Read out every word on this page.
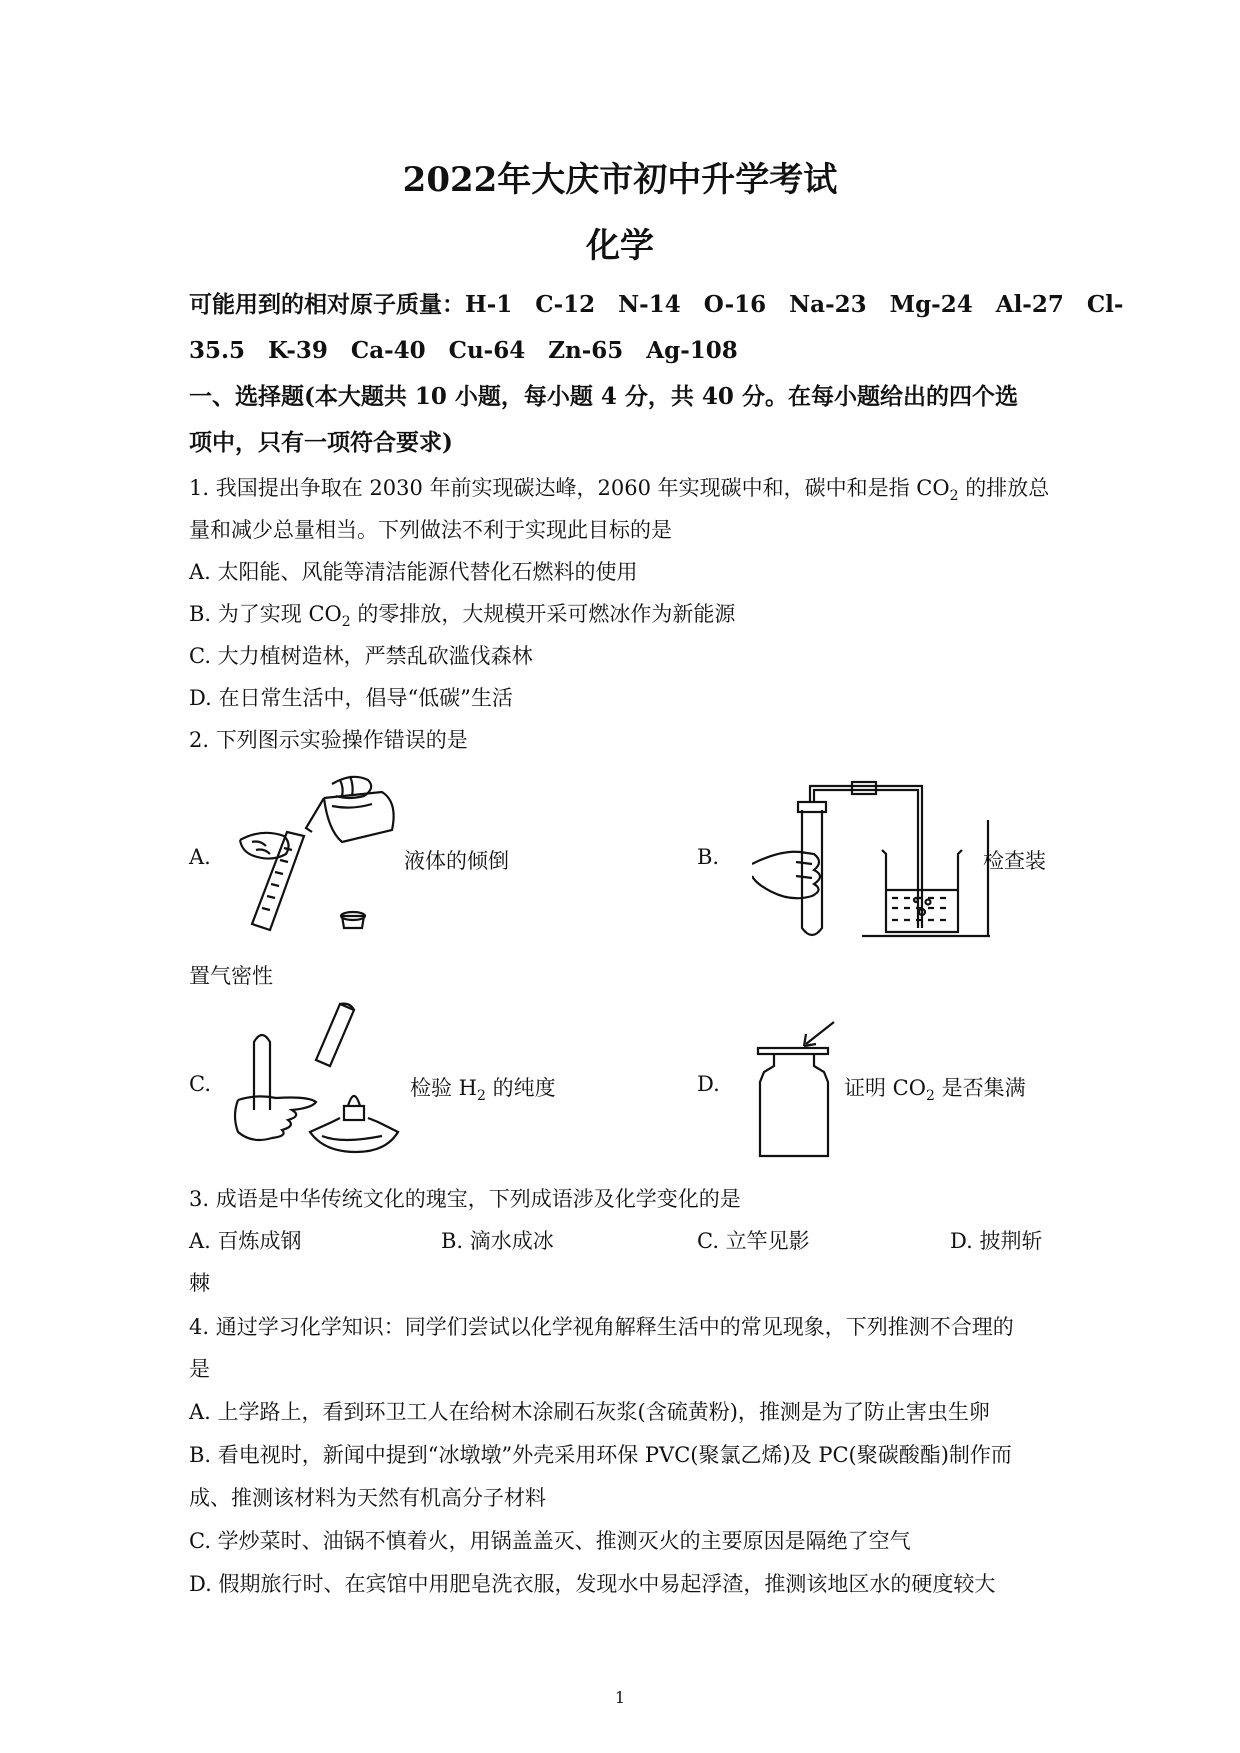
2022年大庆市初中升学考试
化学
可能用到的相对原子质量：H-1　C-12　N-14　O-16　Na-23　Mg-24　Al-27　Cl-
35.5　K-39　Ca-40　Cu-64　Zn-65　Ag-108
一、选择题(本大题共 10 小题，每小题 4 分，共 40 分。在每小题给出的四个选
项中，只有一项符合要求)
1. 我国提出争取在 2030 年前实现碳达峰，2060 年实现碳中和，碳中和是指 $CO_2$ 的排放总
量和减少总量相当。下列做法不利于实现此目标的是
A. 太阳能、风能等清洁能源代替化石燃料的使用
B. 为了实现 $CO_2$ 的零排放，大规模开采可燃冰作为新能源
C. 大力植树造林，严禁乱砍滥伐森林
D. 在日常生活中，倡导“低碳”生活
2. 下列图示实验操作错误的是
A.	液体的倾倒	B.	检查装
置气密性
C.	检验 $H_2$ 的纯度	D.	证明 $CO_2$ 是否集满
3. 成语是中华传统文化的瑰宝，下列成语涉及化学变化的是
A. 百炼成钢	B. 滴水成冰	C. 立竿见影	D. 披荆斩
棘
4. 通过学习化学知识：同学们尝试以化学视角解释生活中的常见现象，下列推测不合理的
是
A. 上学路上，看到环卫工人在给树木涂刷石灰浆(含硫黄粉)，推测是为了防止害虫生卵
B. 看电视时，新闻中提到“冰墩墩”外壳采用环保 PVC(聚氯乙烯)及 PC(聚碳酸酯)制作而
成、推测该材料为天然有机高分子材料
C. 学炒菜时、油锅不慎着火，用锅盖盖灭、推测灭火的主要原因是隔绝了空气
D. 假期旅行时、在宾馆中用肥皂洗衣服，发现水中易起浮渣，推测该地区水的硬度较大
1
